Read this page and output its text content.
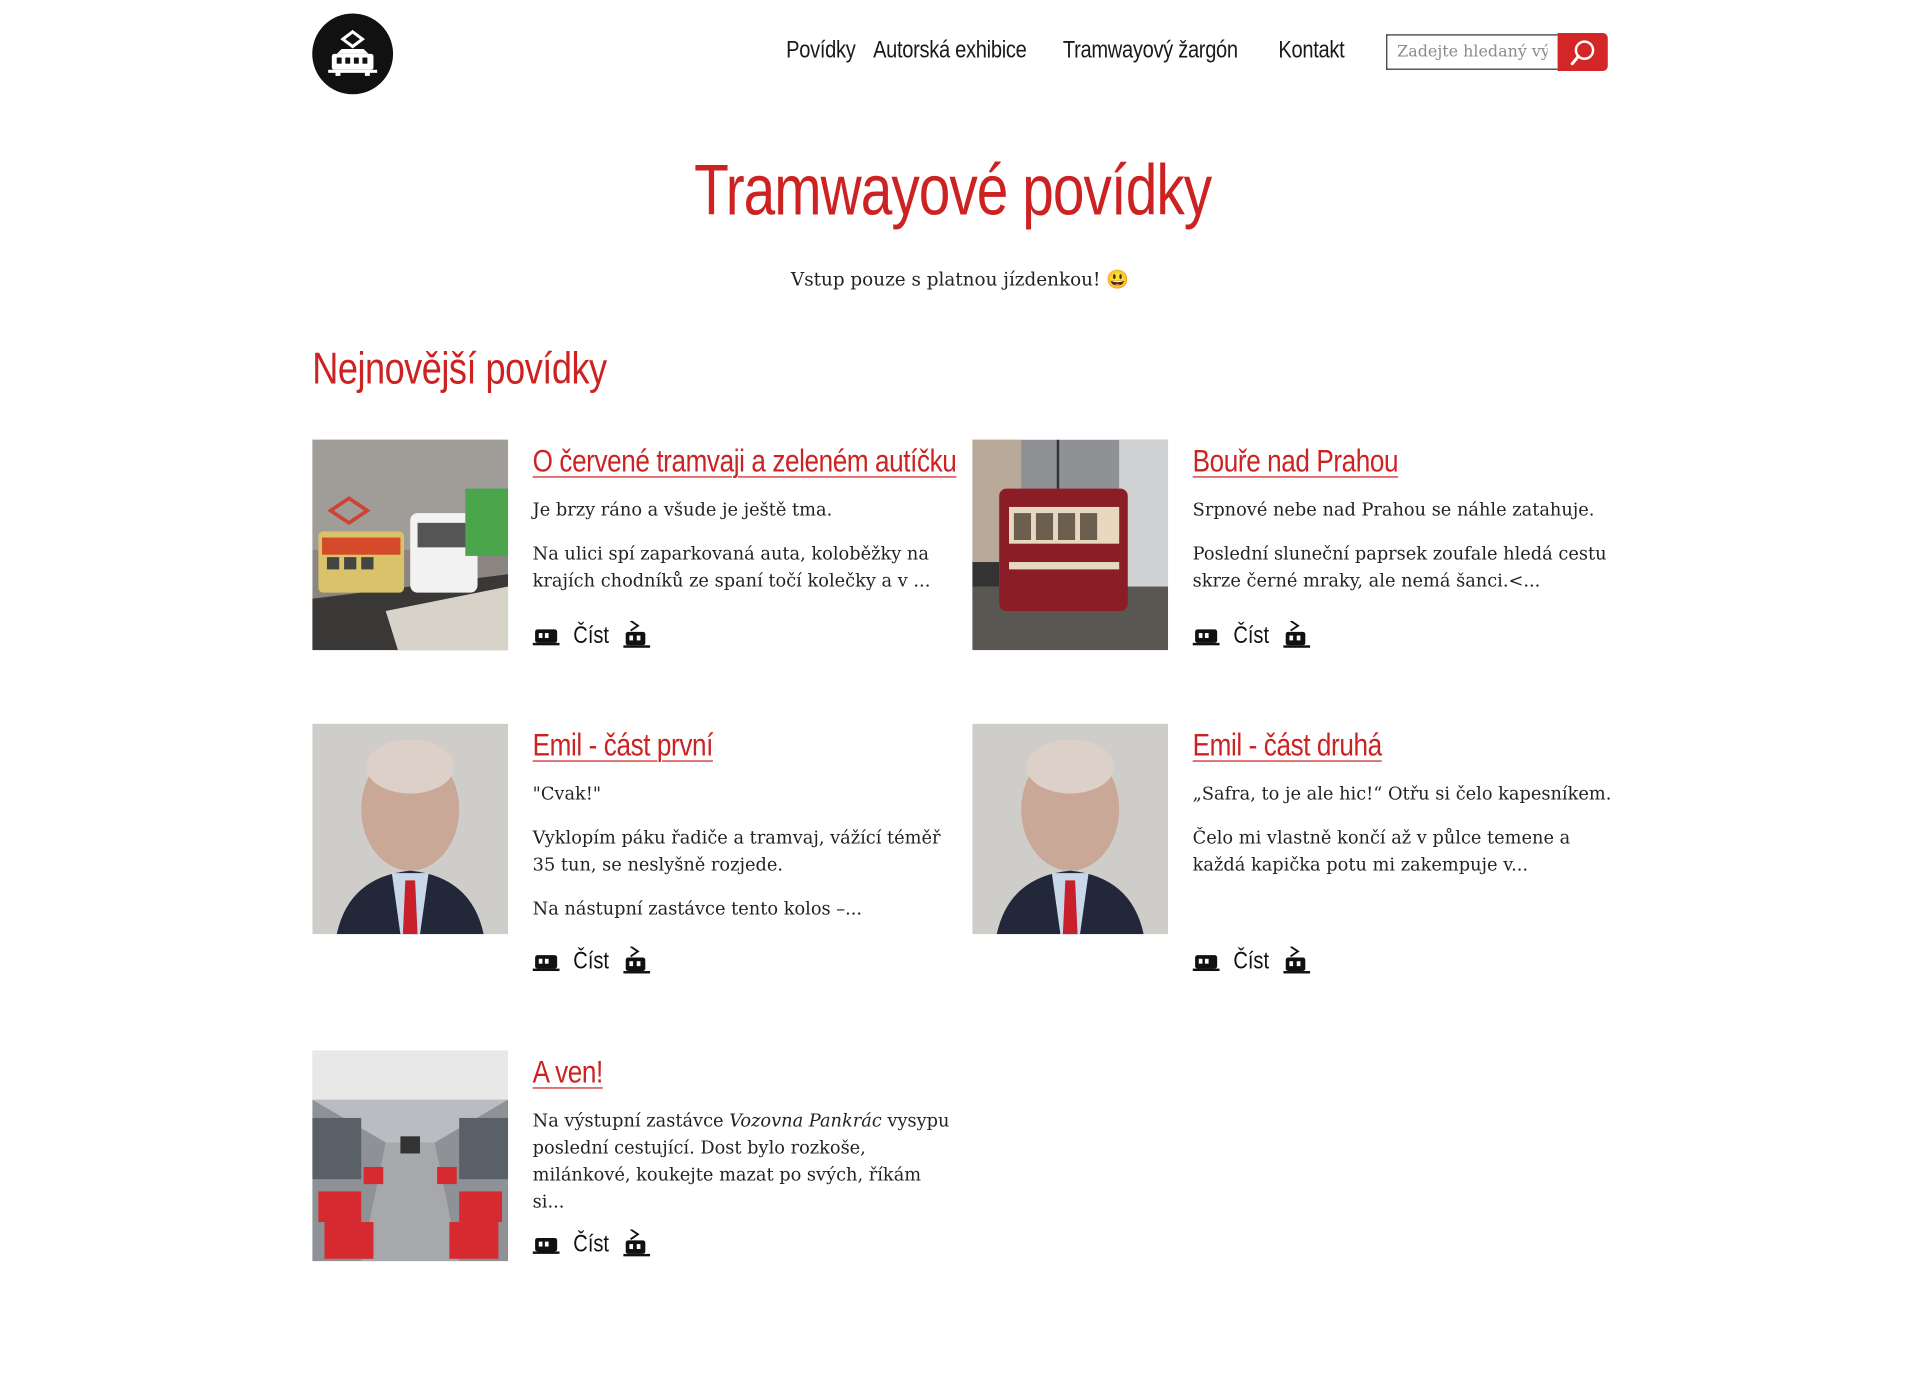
Povídky Autorská exhibice Tramwayový žargón Kontakt
Zadejte hledaný výraz
Tramwayové povídky
Vstup pouze s platnou jízdenkou! 😃
Nejnovější povídky
O červené tramvaji a zeleném autíčku

Je brzy ráno a všude je ještě tma.

Na ulici spí zaparkovaná auta, koloběžky na krajích chodníků ze spaní točí kolečky a v ...

Číst
Bouře nad Prahou

Srpnové nebe nad Prahou se náhle zatahuje.

Poslední sluneční paprsek zoufale hledá cestu skrze černé mraky, ale nemá šanci.<...

Číst
Emil - část první

"Cvak!"

Vyklopím páku řadiče a tramvaj, vážící téměř 35 tun, se neslyšně rozjede.

Na nástupní zastávce tento kolos –...

Číst
Emil - část druhá

„Safra, to je ale hic!“ Otřu si čelo kapesníkem.

Čelo mi vlastně končí až v půlce temene a každá kapička potu mi zakempuje v...

Číst
A ven!

Na výstupní zastávce Vozovna Pankrác vysypu poslední cestující. Dost bylo rozkoše, milánkové, koukejte mazat po svých, říkám si...

Číst
